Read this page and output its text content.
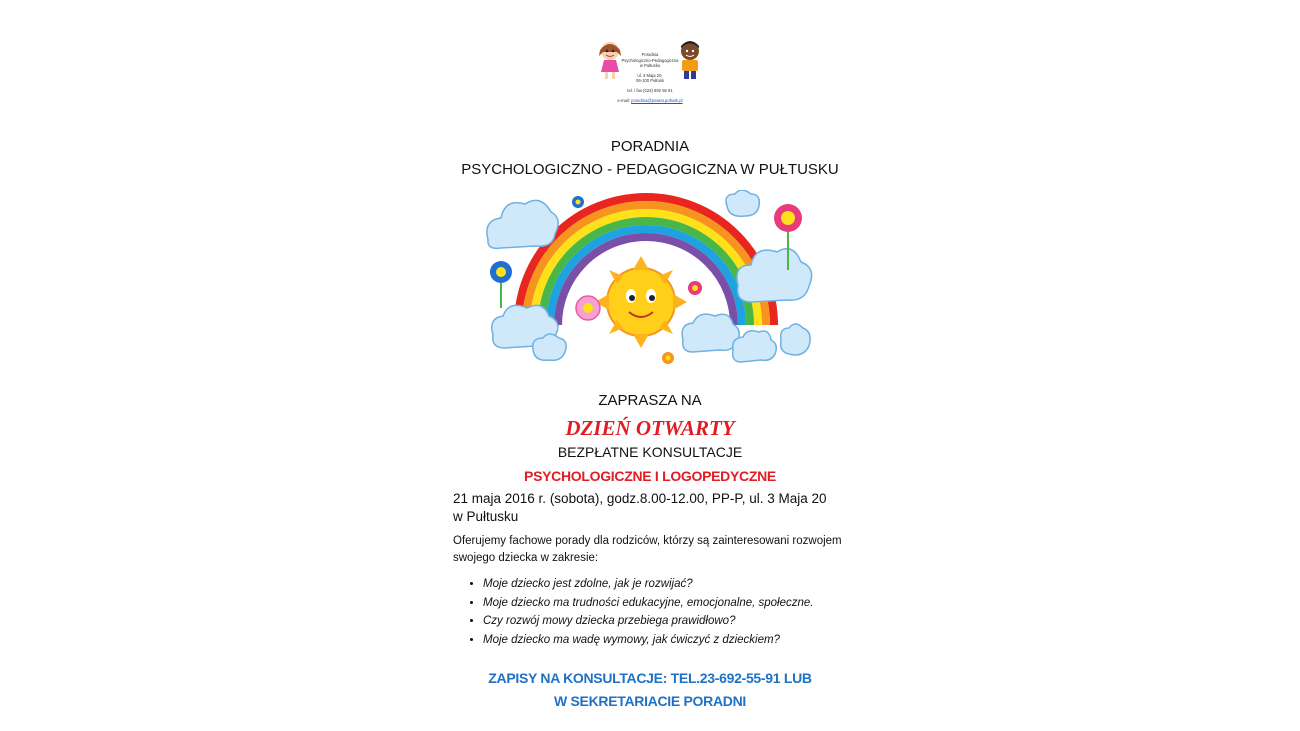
Poradnia
Psychologiczno-Pedagogiczna
w Pułtusku
ul. 3 Maja 20,
06-100 Pułtusk
tel. / fax (023) 692 55 91
e-mail: poradnia@powiat.pultusk.pl
PORADNIA
PSYCHOLOGICZNO - PEDAGOGICZNA W PUŁTUSKU
ZAPRASZA NA
DZIEŃ OTWARTY
BEZPŁATNE KONSULTACJE
PSYCHOLOGICZNE I LOGOPEDYCZNE
21 maja 2016 r. (sobota), godz.8.00-12.00, PP-P, ul. 3 Maja 20
w Pułtusku
Oferujemy fachowe porady dla rodziców, którzy są zainteresowani rozwojem
swojego dziecka w zakresie:
• Moje dziecko jest zdolne, jak je rozwijać?
• Moje dziecko ma trudności edukacyjne, emocjonalne, społeczne.
• Czy rozwój mowy dziecka przebiega prawidłowo?
• Moje dziecko ma wadę wymowy, jak ćwiczyć z dzieckiem?
ZAPISY NA KONSULTACJE: TEL.23-692-55-91 LUB
W SEKRETARIACIE PORADNI
